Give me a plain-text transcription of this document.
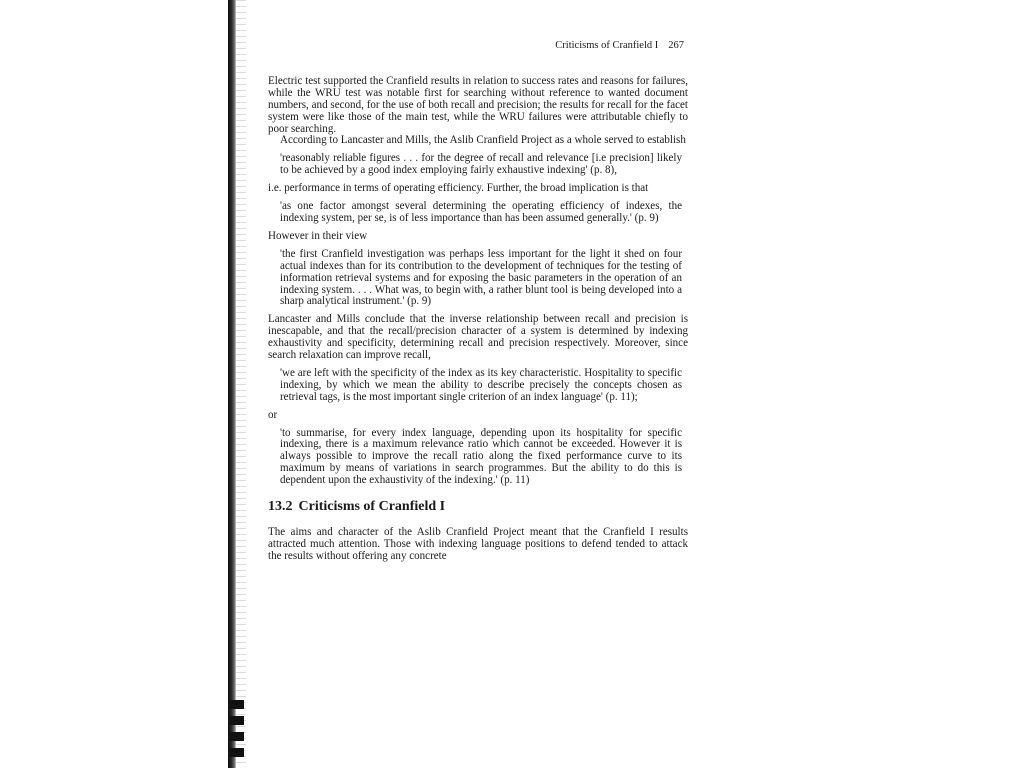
Criticisms of Cranfield I 267

Electric test supported the Cranfield results in relation to success rates and reasons for failures, while the WRU test was notable first for searching without reference to wanted document numbers, and second, for the use of both recall and precision; the results for recall for the facet system were like those of the main test, while the WRU failures were attributable chiefly to poor searching.

According to Lancaster and Mills, the Aslib Cranfield Project as a whole served to establish

'reasonably reliable figures . . . for the degree of recall and relevance [i.e precision] likely to be achieved by a good index employing fairly exhaustive indexing' (p. 8),

i.e. performance in terms of operating efficiency. Further, the broad implication is that

'as one factor amongst several determining the operating efficiency of indexes, the indexing system, per se, is of less importance than has been assumed generally.' (p. 9)

However in their view

'the first Cranfield investigation was perhaps less important for the light it shed on four actual indexes than for its contribution to the development of techniques for the testing of information retrieval systems and for exposing the basic parameters in the operation of an indexing system. . . . What was, to begin with, a rather blunt tool is being developed into a sharp analytical instrument.' (p. 9)

Lancaster and Mills conclude that the inverse relationship between recall and precision is inescapable, and that the recall/precision character of a system is determined by indexing exhaustivity and specificity, determining recall and precision respectively. Moreover, since search relaxation can improve recall,

'we are left with the specificity of the index as its key characteristic. Hospitality to specific indexing, by which we mean the ability to describe precisely the concepts chosen as retrieval tags, is the most important single criterion of an index language' (p. 11);

or

'to summarise, for every index language, depending upon its hospitality for specific indexing, there is a maximum relevance ratio which cannot be exceeded. However it is always possible to improve the recall ratio along the fixed performance curve to its maximum by means of variations in search programmes. But the ability to do this is dependent upon the exhaustivity of the indexing.' (p. 11)

13.2 Criticisms of Cranfield I

The aims and character of the Aslib Cranfield Project meant that the Cranfield I results attracted much attention. Those with indexing language positions to defend tended to attack the results without offering any concrete
